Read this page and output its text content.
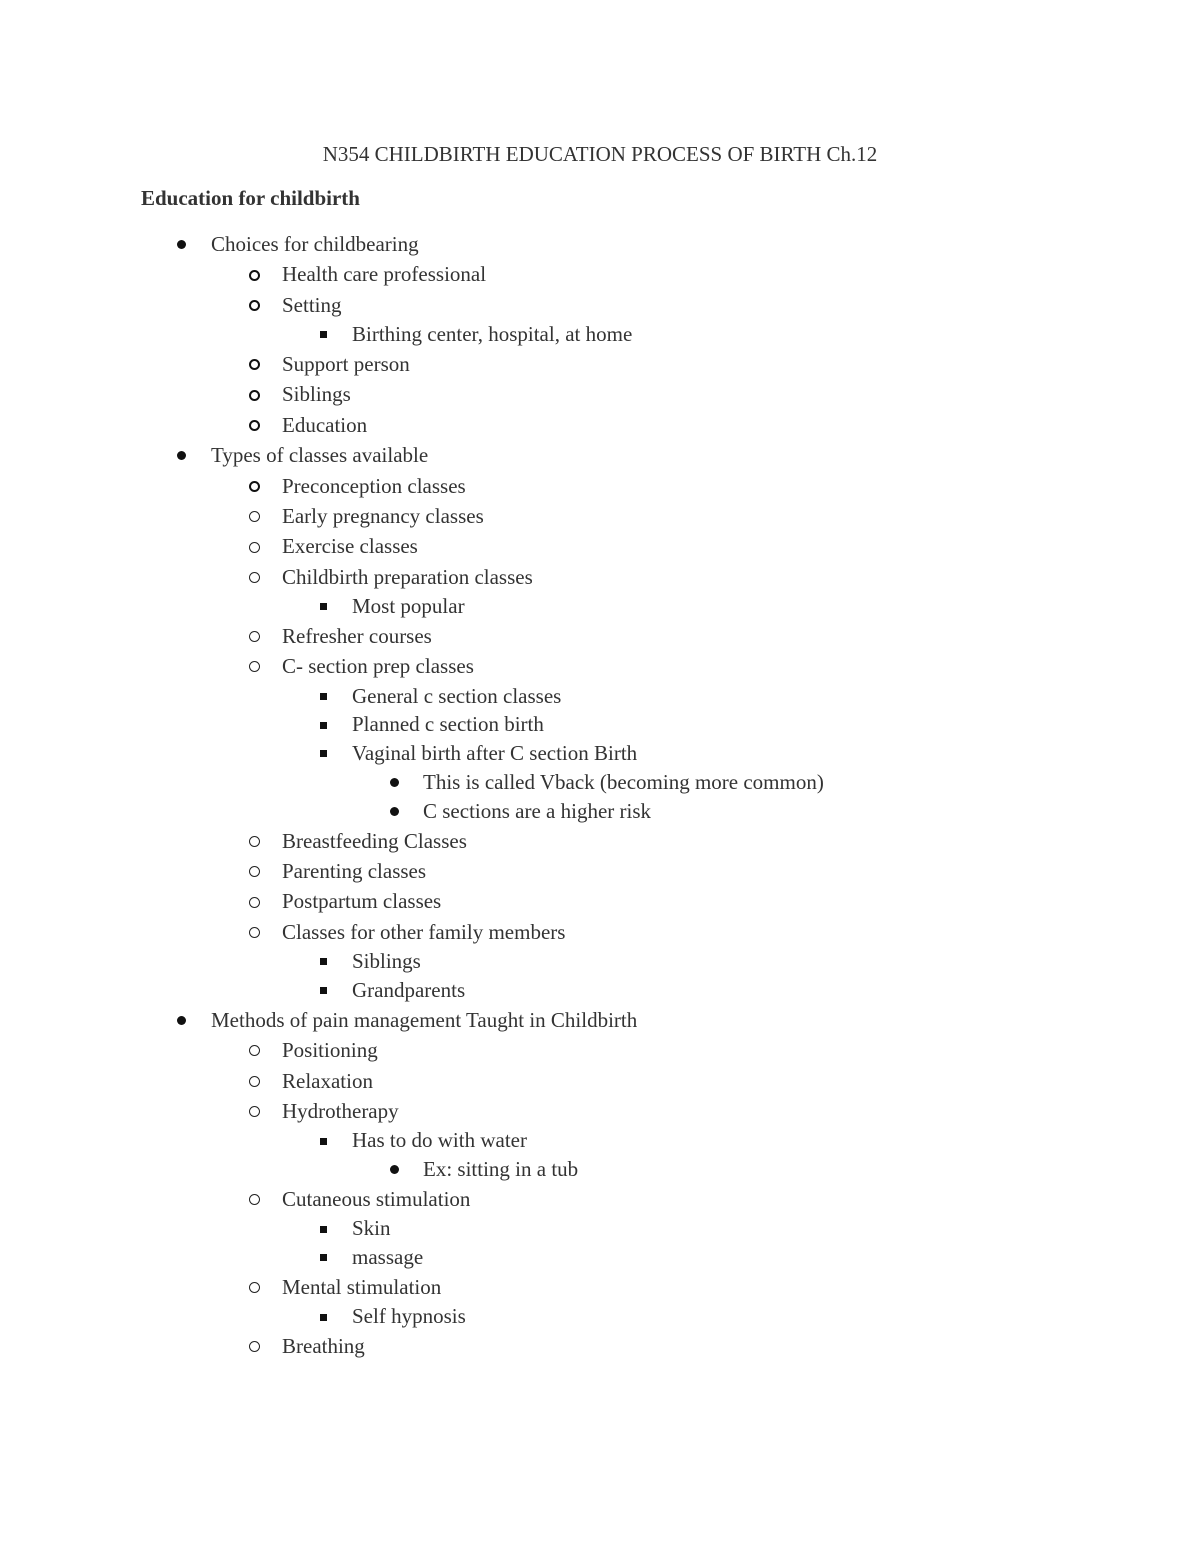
N354 CHILDBIRTH EDUCATION PROCESS OF BIRTH Ch.12
Education for childbirth
Choices for childbearing
Health care professional
Setting
Birthing center, hospital, at home
Support person
Siblings
Education
Types of classes available
Preconception classes
Early pregnancy classes
Exercise classes
Childbirth preparation classes
Most popular
Refresher courses
C- section prep classes
General c section classes
Planned c section birth
Vaginal birth after C section Birth
This is called Vback (becoming more common)
C sections are a higher risk
Breastfeeding Classes
Parenting classes
Postpartum classes
Classes for other family members
Siblings
Grandparents
Methods of pain management Taught in Childbirth
Positioning
Relaxation
Hydrotherapy
Has to do with water
Ex: sitting in a tub
Cutaneous stimulation
Skin
massage
Mental stimulation
Self hypnosis
Breathing
